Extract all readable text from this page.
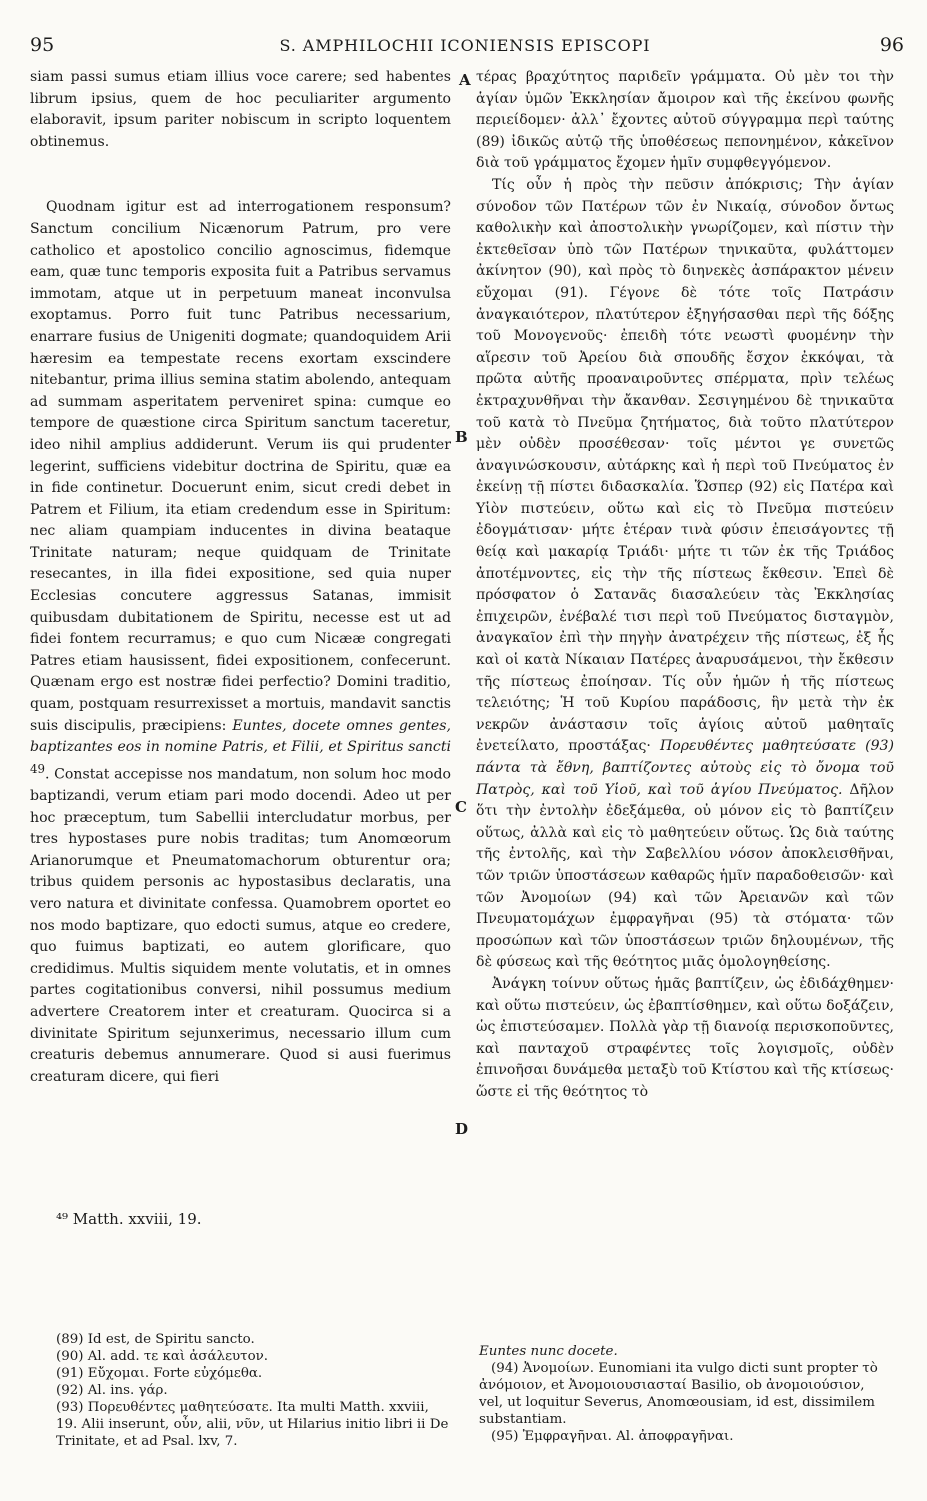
95	S. AMPHILOCHII ICONIENSIS EPISCOPI	96

siam passi sumus etiam illius voce carere; sed habentes librum ipsius, quem de hoc peculiariter argumento elaboravit, ipsum pariter nobiscum in scripto loquentem obtinemus.

Quodnam igitur est ad interrogationem responsum? Sanctum concilium Nicænorum Patrum, pro vere catholico et apostolico concilio agnoscimus, fidemque eam, quæ tunc temporis exposita fuit a Patribus servamus immotam, atque ut in perpetuum maneat inconvulsa exoptamus. Porro fuit tunc Patribus necessarium, enarrare fusius de Unigeniti dogmate; quandoquidem Arii hæresim ea tempestate recens exortam exscindere nitebantur, prima illius semina statim abolendo, antequam ad summam asperitatem perveniret spina: cumque eo tempore de quæstione circa Spiritum sanctum taceretur, ideo nihil amplius addiderunt. Verum iis qui prudenter legerint, sufficiens videbitur doctrina de Spiritu, quæ ea in fide continetur. Docuerunt enim, sicut credi debet in Patrem et Filium, ita etiam credendum esse in Spiritum: nec aliam quampiam inducentes in divina beataque Trinitate naturam; neque quidquam de Trinitate resecantes, in illa fidei expositione, sed quia nuper Ecclesias concutere aggressus Satanas, immisit quibusdam dubitationem de Spiritu, necesse est ut ad fidei fontem recurramus; e quo cum Nicææ congregati Patres etiam hausissent, fidei expositionem, confecerunt. Quænam ergo est nostræ fidei perfectio? Domini traditio, quam, postquam resurrexisset a mortuis, mandavit sanctis suis discipulis, præcipiens: Euntes, docete omnes gentes, baptizantes eos in nomine Patris, et Filii, et Spiritus sancti $^{49}$. Constat accepisse nos mandatum, non solum hoc modo baptizandi, verum etiam pari modo docendi. Adeo ut per hoc præceptum, tum Sabellii intercludatur morbus, per tres hypostases pure nobis traditas; tum Anomœorum Arianorumque et Pneumatomachorum obturentur ora; tribus quidem personis ac hypostasibus declaratis, una vero natura et divinitate confessa. Quamobrem oportet eo nos modo baptizare, quo edocti sumus, atque eo credere, quo fuimus baptizati, eo autem glorificare, quo credidimus. Multis siquidem mente volutatis, et in omnes partes cogitationibus conversi, nihil possumus medium advertere Creatorem inter et creaturam. Quocirca si a divinitate Spiritum sejunxerimus, necessario illum cum creaturis debemus annumerare. Quod si ausi fuerimus creaturam dicere, qui fieri

A
B
C
D

τέρας βραχύτητος παριδεῖν γράμματα. Οὐ μὲν τοι τὴν ἁγίαν ὑμῶν Ἐκκλησίαν ἄμοιρον καὶ τῆς ἐκείνου φωνῆς περιείδομεν· ἀλλ᾽ ἔχοντες αὐτοῦ σύγγραμμα περὶ ταύτης (89) ἰδικῶς αὐτῷ τῆς ὑποθέσεως πεπονημένον, κἀκεῖνον διὰ τοῦ γράμματος ἔχομεν ἡμῖν συμφθεγγόμενον.

Τίς οὖν ἡ πρὸς τὴν πεῦσιν ἀπόκρισις; Τὴν ἁγίαν σύνοδον τῶν Πατέρων τῶν ἐν Νικαίᾳ, σύνοδον ὄντως καθολικὴν καὶ ἀποστολικὴν γνωρίζομεν, καὶ πίστιν τὴν ἐκτεθεῖσαν ὑπὸ τῶν Πατέρων τηνικαῦτα, φυλάττομεν ἀκίνητον (90), καὶ πρὸς τὸ διηνεκὲς ἀσπάρακτον μένειν εὔχομαι (91). Γέγονε δὲ τότε τοῖς Πατράσιν ἀναγκαιότερον, πλατύτερον ἐξηγήσασθαι περὶ τῆς δόξης τοῦ Μονογενοῦς· ἐπειδὴ τότε νεωστὶ φυομένην τὴν αἵρεσιν τοῦ Ἀρείου διὰ σπουδῆς ἔσχον ἐκκόψαι, τὰ πρῶτα αὐτῆς προαναιροῦντες σπέρματα, πρὶν τελέως ἐκτραχυνθῆναι τὴν ἄκανθαν. Σεσιγημένου δὲ τηνικαῦτα τοῦ κατὰ τὸ Πνεῦμα ζητήματος, διὰ τοῦτο πλατύτερον μὲν οὐδὲν προσέθεσαν· τοῖς μέντοι γε συνετῶς ἀναγινώσκουσιν, αὐτάρκης καὶ ἡ περὶ τοῦ Πνεύματος ἐν ἐκείνῃ τῇ πίστει διδασκαλία. Ὥσπερ (92) εἰς Πατέρα καὶ Υἱὸν πιστεύειν, οὕτω καὶ εἰς τὸ Πνεῦμα πιστεύειν ἐδογμάτισαν· μήτε ἑτέραν τινὰ φύσιν ἐπεισάγοντες τῇ θείᾳ καὶ μακαρίᾳ Τριάδι· μήτε τι τῶν ἐκ τῆς Τριάδος ἀποτέμνοντες, εἰς τὴν τῆς πίστεως ἔκθεσιν. Ἐπεὶ δὲ πρόσφατον ὁ Σατανᾶς διασαλεύειν τὰς Ἐκκλησίας ἐπιχειρῶν, ἐνέβαλέ τισι περὶ τοῦ Πνεύματος δισταγμὸν, ἀναγκαῖον ἐπὶ τὴν πηγὴν ἀνατρέχειν τῆς πίστεως, ἐξ ἧς καὶ οἱ κατὰ Νίκαιαν Πατέρες ἀναρυσάμενοι, τὴν ἔκθεσιν τῆς πίστεως ἐποίησαν. Τίς οὖν ἡμῶν ἡ τῆς πίστεως τελειότης; Ἡ τοῦ Κυρίου παράδοσις, ἣν μετὰ τὴν ἐκ νεκρῶν ἀνάστασιν τοῖς ἁγίοις αὐτοῦ μαθηταῖς ἐνετείλατο, προστάξας· Πορευθέντες μαθητεύσατε (93) πάντα τὰ ἔθνη, βαπτίζοντες αὐτοὺς εἰς τὸ ὄνομα τοῦ Πατρὸς, καὶ τοῦ Υἱοῦ, καὶ τοῦ ἁγίου Πνεύματος. Δῆλον ὅτι τὴν ἐντολὴν ἐδεξάμεθα, οὐ μόνον εἰς τὸ βαπτίζειν οὕτως, ἀλλὰ καὶ εἰς τὸ μαθητεύειν οὕτως. Ὡς διὰ ταύτης τῆς ἐντολῆς, καὶ τὴν Σαβελλίου νόσον ἀποκλεισθῆναι, τῶν τριῶν ὑποστάσεων καθαρῶς ἡμῖν παραδοθεισῶν· καὶ τῶν Ἀνομοίων (94) καὶ τῶν Ἀρειανῶν καὶ τῶν Πνευματομάχων ἐμφραγῆναι (95) τὰ στόματα· τῶν προσώπων καὶ τῶν ὑποστάσεων τριῶν δηλουμένων, τῆς δὲ φύσεως καὶ τῆς θεότητος μιᾶς ὁμολογηθείσης.

Ἀνάγκη τοίνυν οὕτως ἡμᾶς βαπτίζειν, ὡς ἐδιδάχθημεν· καὶ οὕτω πιστεύειν, ὡς ἐβαπτίσθημεν, καὶ οὕτω δοξάζειν, ὡς ἐπιστεύσαμεν. Πολλὰ γὰρ τῇ διανοίᾳ περισκοποῦντες, καὶ πανταχοῦ στραφέντες τοῖς λογισμοῖς, οὐδὲν ἐπινοῆσαι δυνάμεθα μεταξὺ τοῦ Κτίστου καὶ τῆς κτίσεως· ὥστε εἰ τῆς θεότητος τὸ

⁴⁹ Matth. xxviii, 19.
(89) Id est, de Spiritu sancto.
(90) Al. add. τε καὶ ἀσάλευτον.
(91) Εὔχομαι. Forte εὐχόμεθα.
(92) Al. ins. γάρ.
(93) Πορευθέντες μαθητεύσατε. Ita multi Matth. xxviii, 19. Alii inserunt, οὖν, alii, νῦν, ut Hilarius initio libri ii De Trinitate, et ad Psal. lxv, 7.
Euntes nunc docete.
(94) Ἀνομοίων. Eunomiani ita vulgo dicti sunt propter τὸ ἀνόμοιον, et Ἀνομοιουσιασταί Basilio, ob ἀνομοιούσιον, vel, ut loquitur Severus, Anomœousiam, id est, dissimilem substantiam.
(95) Ἐμφραγῆναι. Al. ἀποφραγῆναι.
